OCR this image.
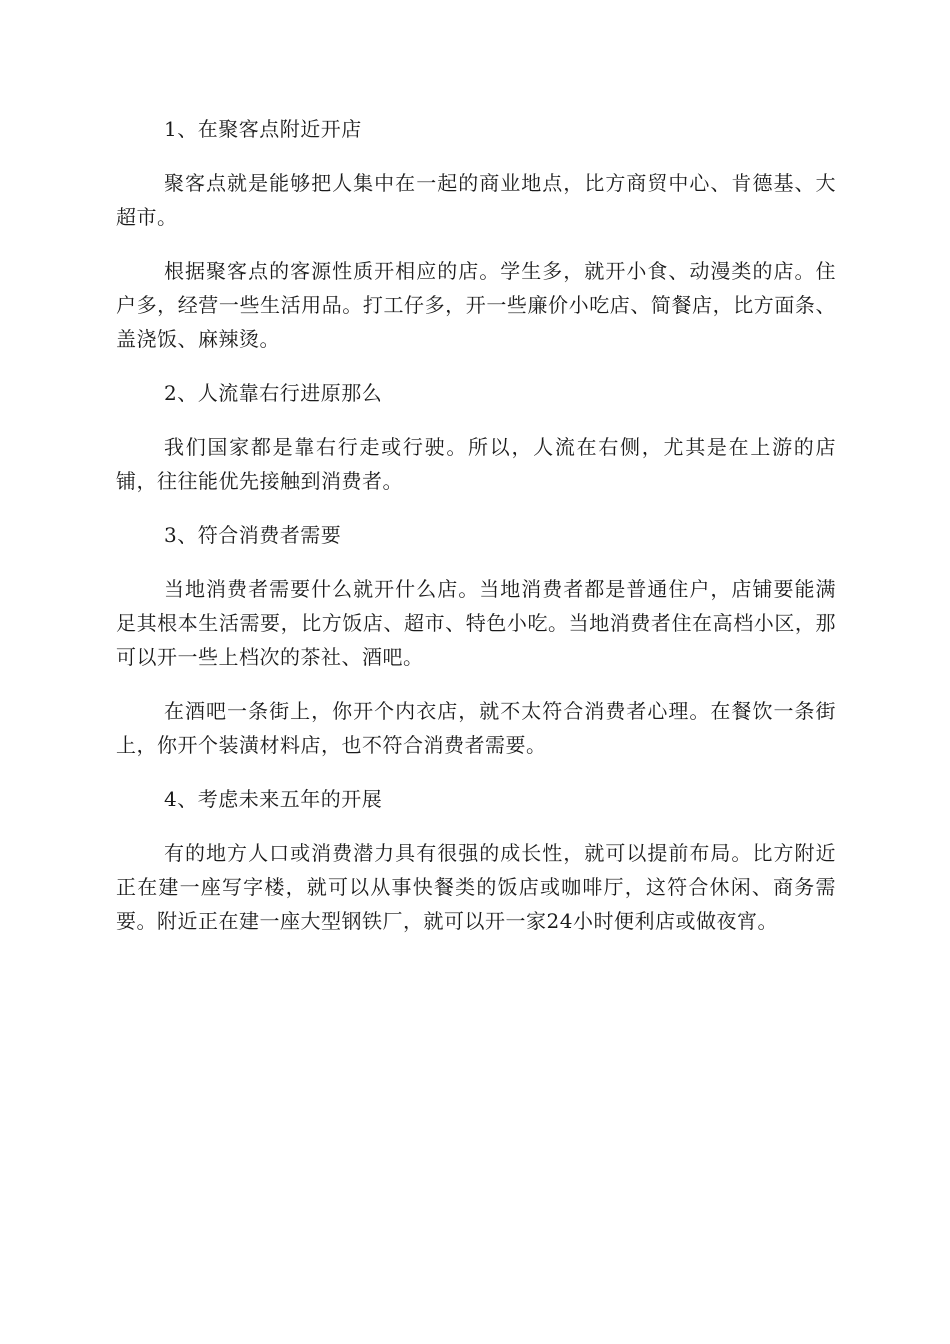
1、在聚客点附近开店

聚客点就是能够把人集中在一起的商业地点，比方商贸中心、肯德基、大超市。

根据聚客点的客源性质开相应的店。学生多，就开小食、动漫类的店。住户多，经营一些生活用品。打工仔多，开一些廉价小吃店、简餐店，比方面条、盖浇饭、麻辣烫。

2、人流靠右行进原那么

我们国家都是靠右行走或行驶。所以，人流在右侧，尤其是在上游的店铺，往往能优先接触到消费者。

3、符合消费者需要

当地消费者需要什么就开什么店。当地消费者都是普通住户，店铺要能满足其根本生活需要，比方饭店、超市、特色小吃。当地消费者住在高档小区，那可以开一些上档次的茶社、酒吧。

在酒吧一条街上，你开个内衣店，就不太符合消费者心理。在餐饮一条街上，你开个装潢材料店，也不符合消费者需要。

4、考虑未来五年的开展

有的地方人口或消费潜力具有很强的成长性，就可以提前布局。比方附近正在建一座写字楼，就可以从事快餐类的饭店或咖啡厅，这符合休闲、商务需要。附近正在建一座大型钢铁厂，就可以开一家24小时便利店或做夜宵。
